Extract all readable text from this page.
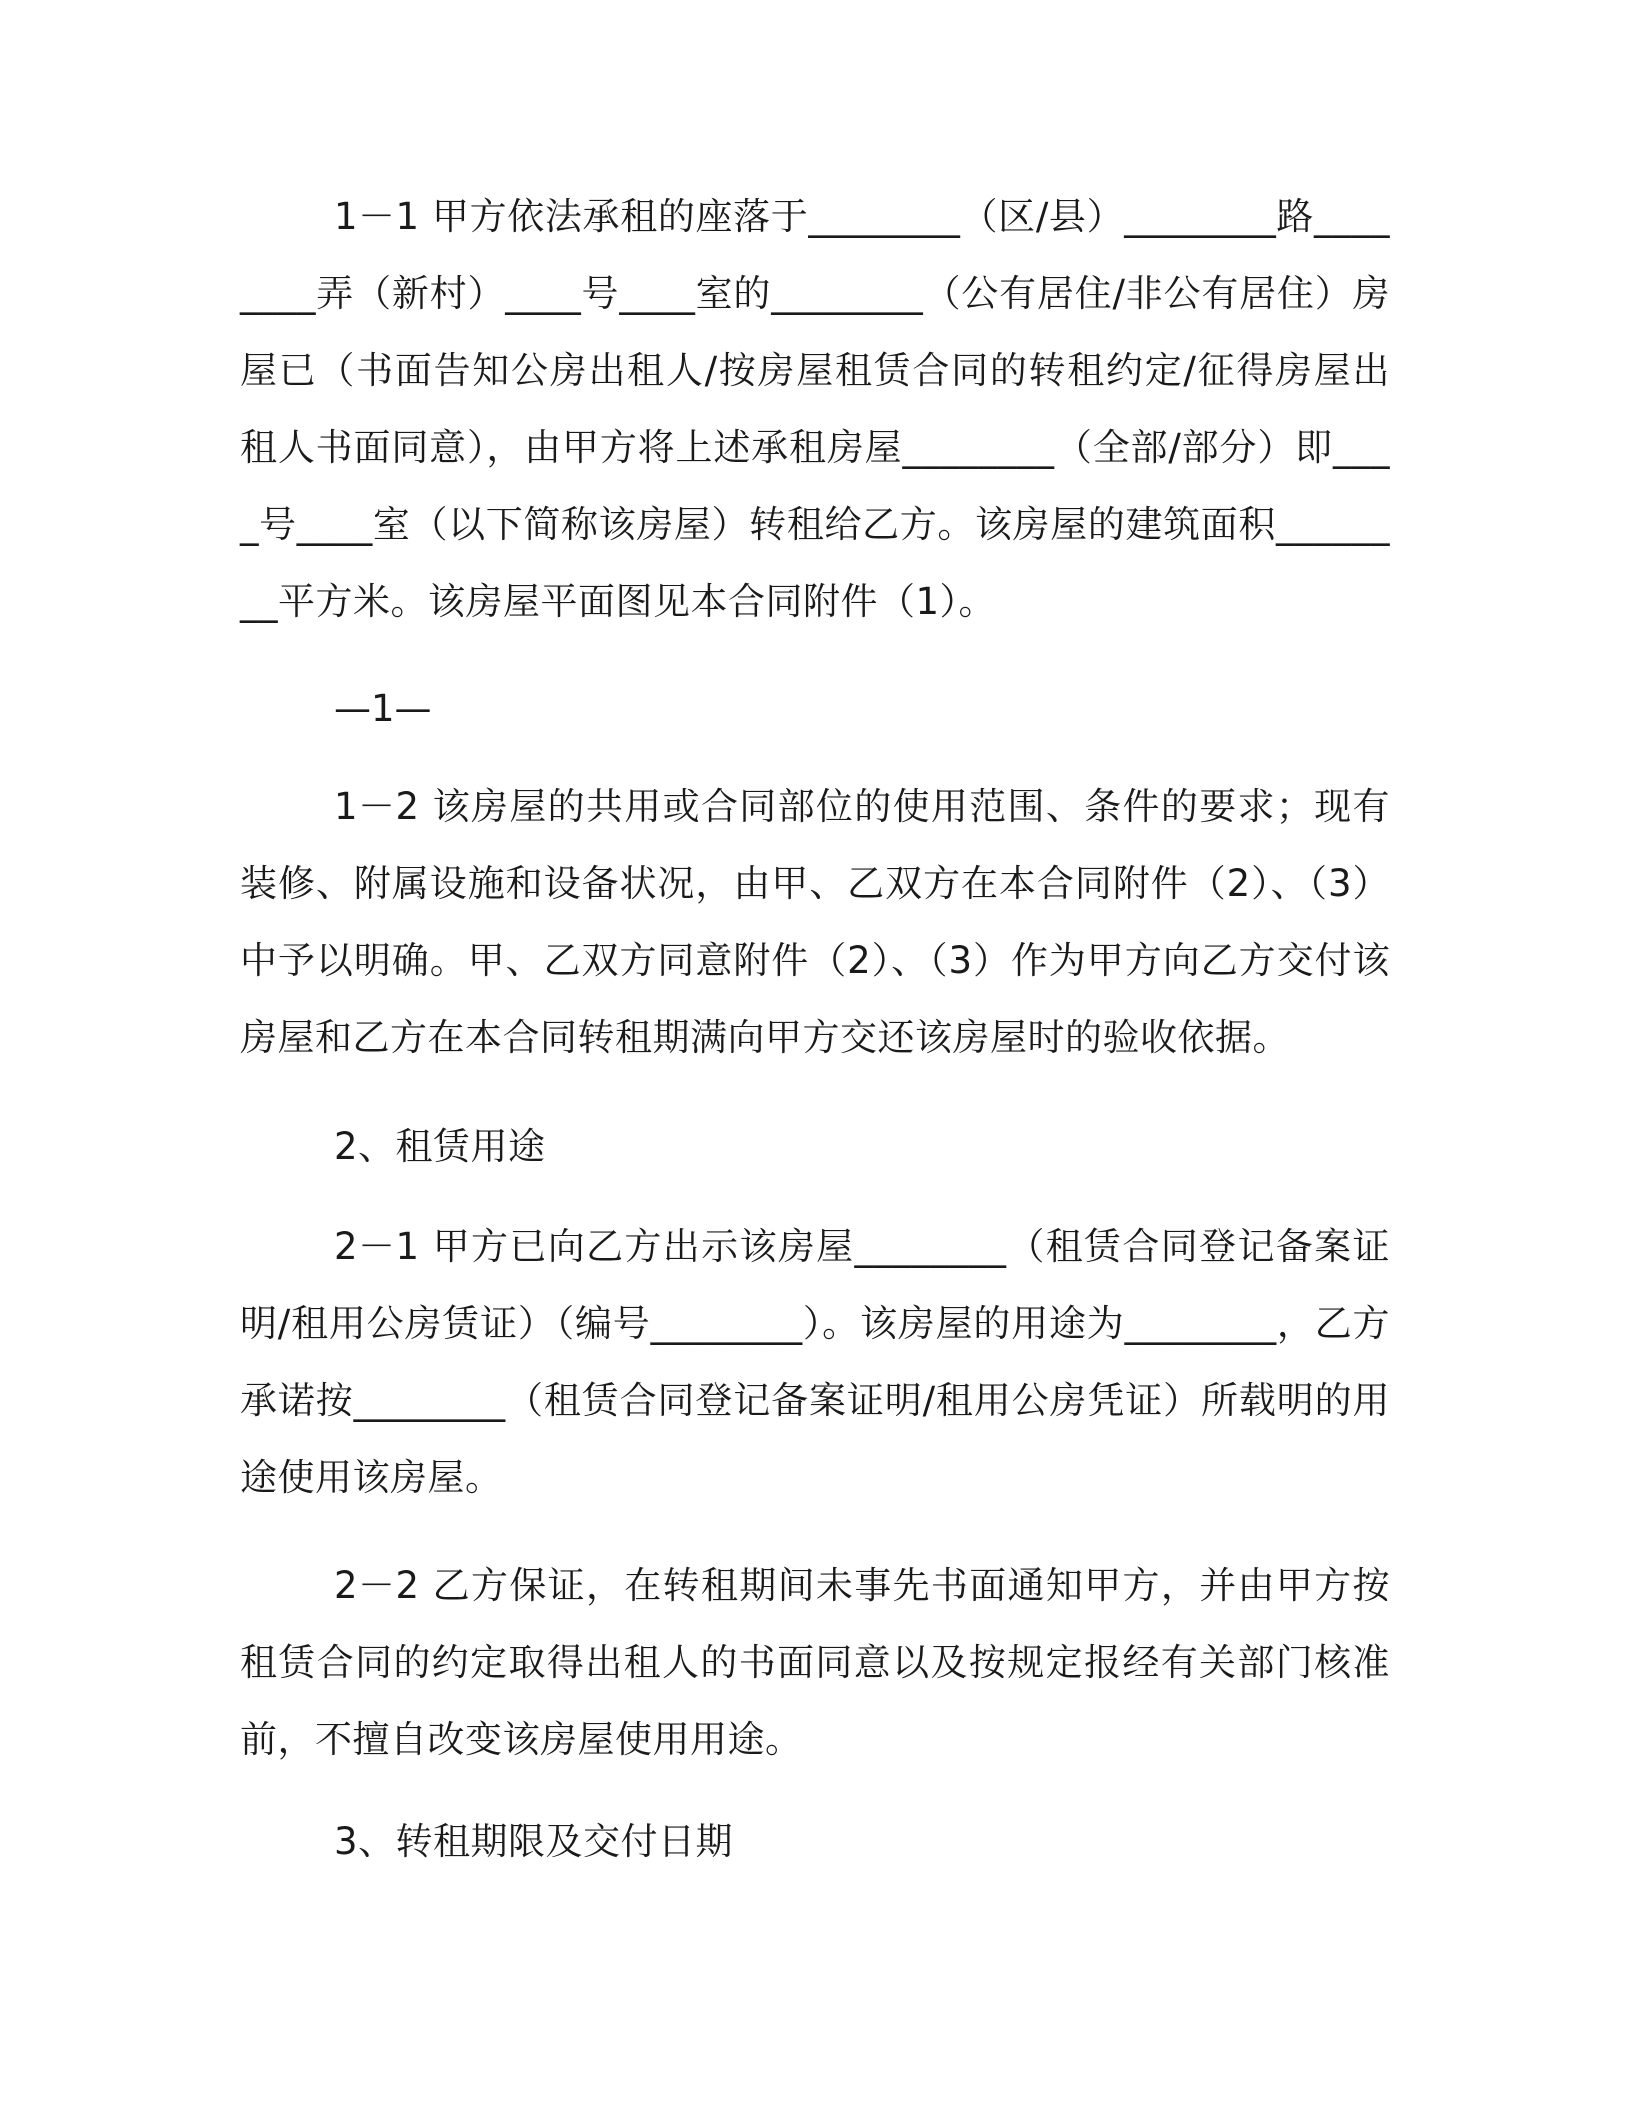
1－1 甲方依法承租的座落于________（区/县）________路________弄（新村）____号____室的________（公有居住/非公有居住）房屋已（书面告知公房出租人/按房屋租赁合同的转租约定/征得房屋出租人书面同意），由甲方将上述承租房屋________（全部/部分）即____号____室（以下简称该房屋）转租给乙方。该房屋的建筑面积________平方米。该房屋平面图见本合同附件（1）。

—1—

1－2 该房屋的共用或合同部位的使用范围、条件的要求；现有装修、附属设施和设备状况，由甲、乙双方在本合同附件（2）、（3）中予以明确。甲、乙双方同意附件（2）、（3）作为甲方向乙方交付该房屋和乙方在本合同转租期满向甲方交还该房屋时的验收依据。

2、租赁用途

2－1 甲方已向乙方出示该房屋________（租赁合同登记备案证明/租用公房赁证）（编号________）。该房屋的用途为________，乙方承诺按________（租赁合同登记备案证明/租用公房凭证）所载明的用途使用该房屋。

2－2 乙方保证，在转租期间未事先书面通知甲方，并由甲方按租赁合同的约定取得出租人的书面同意以及按规定报经有关部门核准前，不擅自改变该房屋使用用途。

3、转租期限及交付日期
